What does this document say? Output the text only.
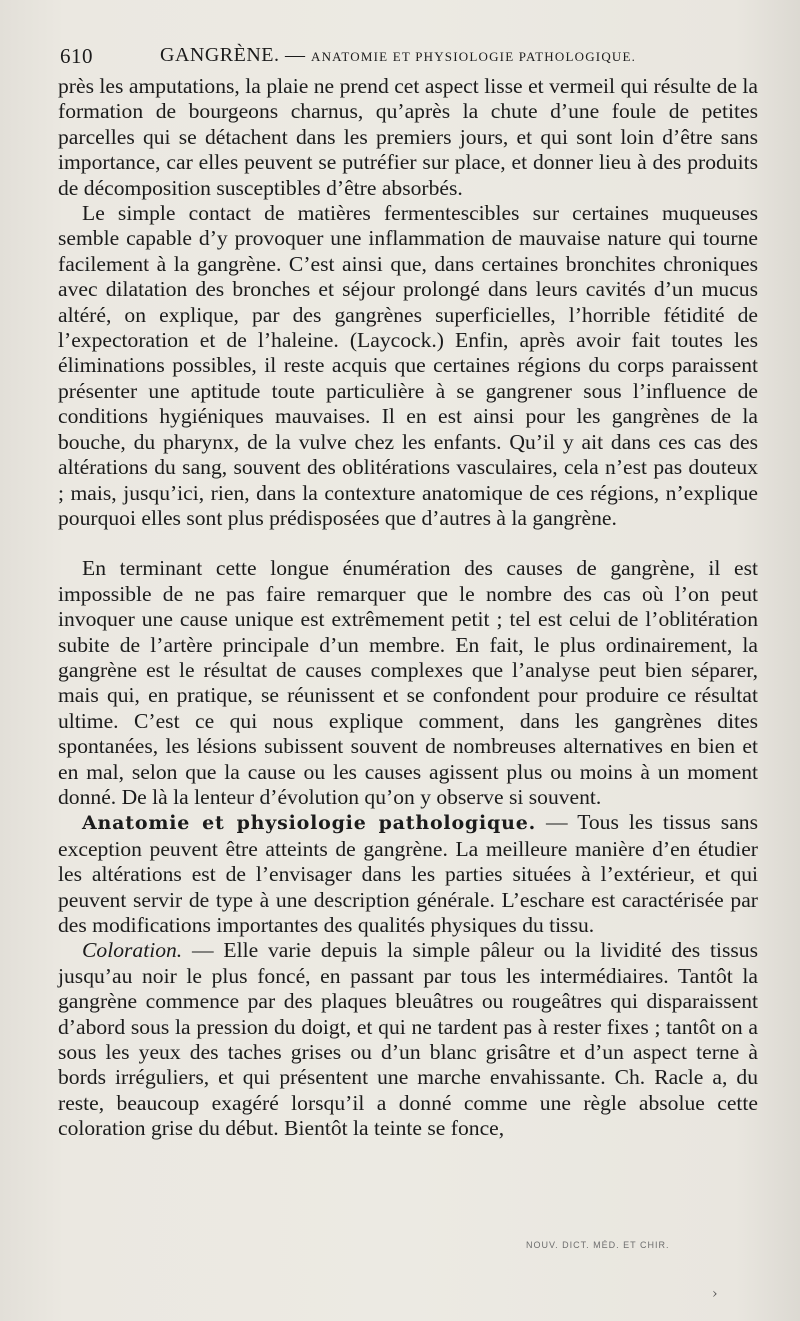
610	GANGRÈNE. — ANATOMIE ET PHYSIOLOGIE PATHOLOGIQUE.

près les amputations, la plaie ne prend cet aspect lisse et vermeil qui résulte de la formation de bourgeons charnus, qu’après la chute d’une foule de petites parcelles qui se détachent dans les premiers jours, et qui sont loin d’être sans importance, car elles peuvent se putréfier sur place, et donner lieu à des produits de décomposition susceptibles d’être absorbés.

Le simple contact de matières fermentescibles sur certaines muqueuses semble capable d’y provoquer une inflammation de mauvaise nature qui tourne facilement à la gangrène. C’est ainsi que, dans certaines bronchites chroniques avec dilatation des bronches et séjour prolongé dans leurs cavités d’un mucus altéré, on explique, par des gangrènes superficielles, l’horrible fétidité de l’expectoration et de l’haleine. (Laycock.) Enfin, après avoir fait toutes les éliminations possibles, il reste acquis que certaines régions du corps paraissent présenter une aptitude toute particulière à se gangrener sous l’influence de conditions hygiéniques mauvaises. Il en est ainsi pour les gangrènes de la bouche, du pharynx, de la vulve chez les enfants. Qu’il y ait dans ces cas des altérations du sang, souvent des oblitérations vasculaires, cela n’est pas douteux ; mais, jusqu’ici, rien, dans la contexture anatomique de ces régions, n’explique pourquoi elles sont plus prédisposées que d’autres à la gangrène.

En terminant cette longue énumération des causes de gangrène, il est impossible de ne pas faire remarquer que le nombre des cas où l’on peut invoquer une cause unique est extrêmement petit ; tel est celui de l’oblitération subite de l’artère principale d’un membre. En fait, le plus ordinairement, la gangrène est le résultat de causes complexes que l’analyse peut bien séparer, mais qui, en pratique, se réunissent et se confondent pour produire ce résultat ultime. C’est ce qui nous explique comment, dans les gangrènes dites spontanées, les lésions subissent souvent de nombreuses alternatives en bien et en mal, selon que la cause ou les causes agissent plus ou moins à un moment donné. De là la lenteur d’évolution qu’on y observe si souvent.

Anatomie et physiologie pathologique. — Tous les tissus sans exception peuvent être atteints de gangrène. La meilleure manière d’en étudier les altérations est de l’envisager dans les parties situées à l’extérieur, et qui peuvent servir de type à une description générale. L’eschare est caractérisée par des modifications importantes des qualités physiques du tissu.

Coloration. — Elle varie depuis la simple pâleur ou la lividité des tissus jusqu’au noir le plus foncé, en passant par tous les intermédiaires. Tantôt la gangrène commence par des plaques bleuâtres ou rougeâtres qui disparaissent d’abord sous la pression du doigt, et qui ne tardent pas à rester fixes ; tantôt on a sous les yeux des taches grises ou d’un blanc grisâtre et d’un aspect terne à bords irréguliers, et qui présentent une marche envahissante. Ch. Racle a, du reste, beaucoup exagéré lorsqu’il a donné comme une règle absolue cette coloration grise du début. Bientôt la teinte se fonce,

NOUV. DICT. MÉD. ET CHIR.
›
